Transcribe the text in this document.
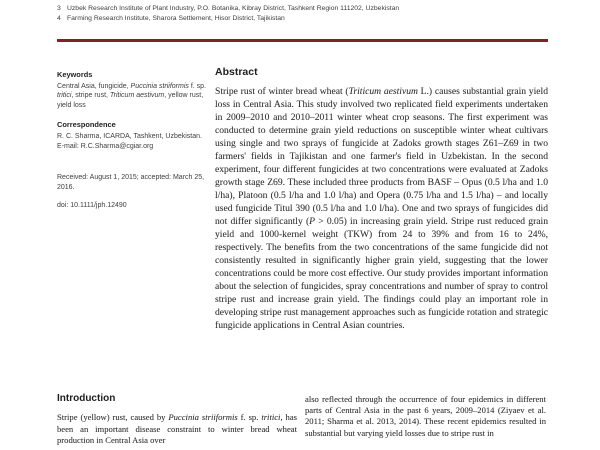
3 Uzbek Research Institute of Plant Industry, P.O. Botanika, Kibray District, Tashkent Region 111202, Uzbekistan
4 Farming Research Institute, Sharora Settlement, Hisor District, Tajikistan

Keywords

Central Asia, fungicide, Puccinia striiformis f. sp. tritici, stripe rust, Triticum aestivum, yellow rust, yield loss

Correspondence

R. C. Sharma, ICARDA, Tashkent, Uzbekistan.

E-mail: R.C.Sharma@cgiar.org

Received: August 1, 2015; accepted: March 25, 2016.

doi: 10.1111/jph.12490

Abstract

Stripe rust of winter bread wheat (Triticum aestivum L.) causes substantial grain yield loss in Central Asia. This study involved two replicated field experiments undertaken in 2009–2010 and 2010–2011 winter wheat crop seasons. The first experiment was conducted to determine grain yield reductions on susceptible winter wheat cultivars using single and two sprays of fungicide at Zadoks growth stages Z61–Z69 in two farmers' fields in Tajikistan and one farmer's field in Uzbekistan. In the second experiment, four different fungicides at two concentrations were evaluated at Zadoks growth stage Z69. These included three products from BASF – Opus (0.5 l/ha and 1.0 l/ha), Platoon (0.5 l/ha and 1.0 l/ha) and Opera (0.75 l/ha and 1.5 l/ha) – and locally used fungicide Titul 390 (0.5 l/ha and 1.0 l/ha). One and two sprays of fungicides did not differ significantly (P > 0.05) in increasing grain yield. Stripe rust reduced grain yield and 1000-kernel weight (TKW) from 24 to 39% and from 16 to 24%, respectively. The benefits from the two concentrations of the same fungicide did not consistently resulted in significantly higher grain yield, suggesting that the lower concentrations could be more cost effective. Our study provides important information about the selection of fungicides, spray concentrations and number of spray to control stripe rust and increase grain yield. The findings could play an important role in developing stripe rust management approaches such as fungicide rotation and strategic fungicide applications in Central Asian countries.

Introduction

Stripe (yellow) rust, caused by Puccinia striiformis f. sp. tritici, has been an important disease constraint to winter bread wheat production in Central Asia over

also reflected through the occurrence of four epidemics in different parts of Central Asia in the past 6 years, 2009–2014 (Ziyaev et al. 2011; Sharma et al. 2013, 2014). These recent epidemics resulted in substantial but varying yield losses due to stripe rust in
